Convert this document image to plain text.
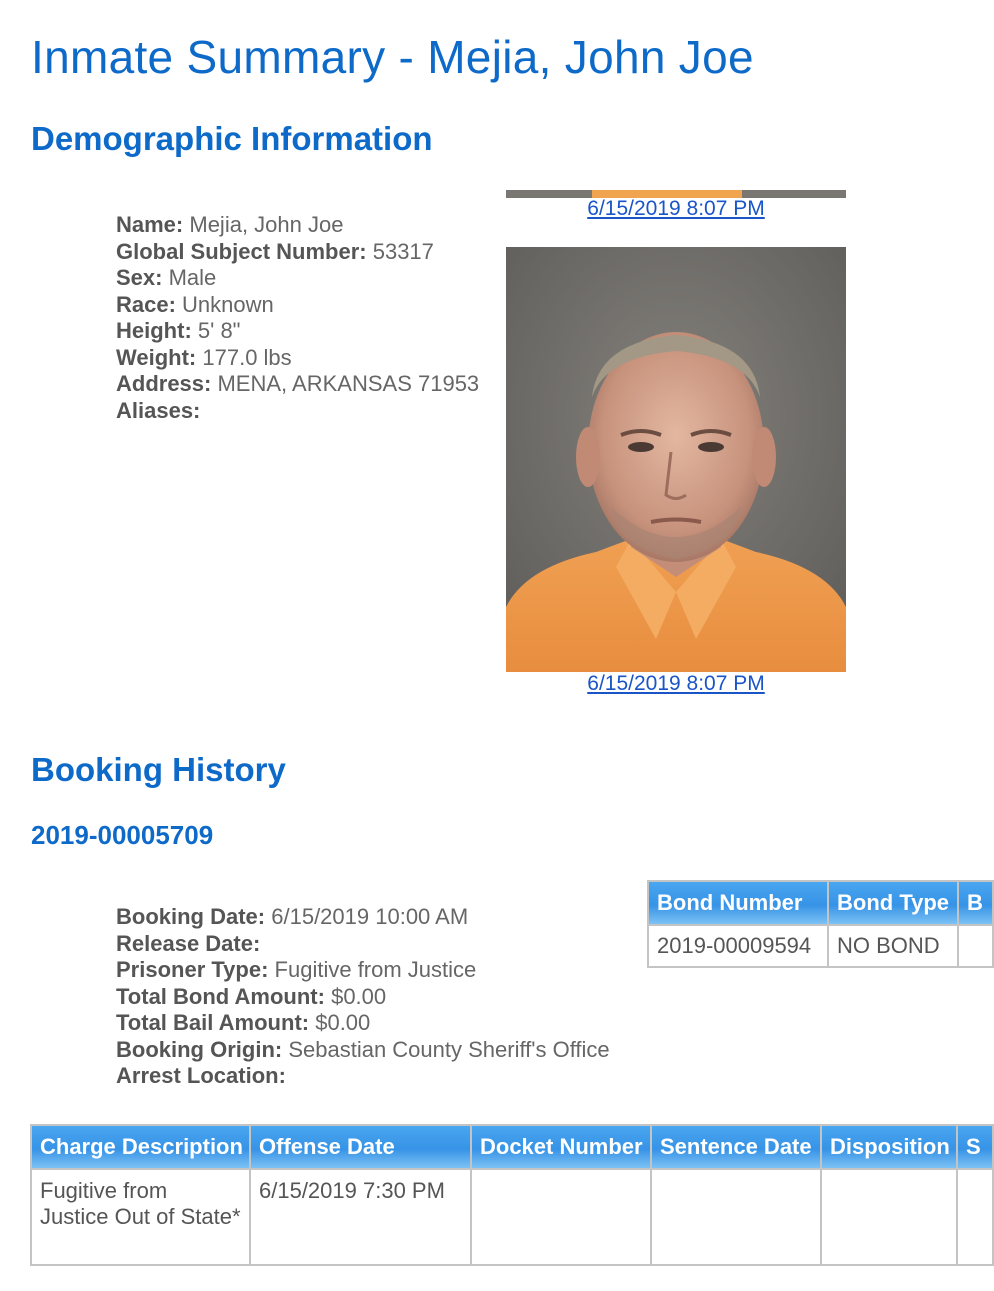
Inmate Summary - Mejia, John Joe
Demographic Information
Name: Mejia, John Joe
Global Subject Number: 53317
Sex: Male
Race: Unknown
Height: 5' 8"
Weight: 177.0 lbs
Address: MENA, ARKANSAS 71953
Aliases:
6/15/2019 8:07 PM
6/15/2019 8:07 PM
Booking History
2019-00005709
Booking Date: 6/15/2019 10:00 AM
Release Date:
Prisoner Type: Fugitive from Justice
Total Bond Amount: $0.00
Total Bail Amount: $0.00
Booking Origin: Sebastian County Sheriff's Office
Arrest Location:
Bond Number	Bond Type	B
2019-00009594	NO BOND	
Charge Description	Offense Date	Docket Number	Sentence Date	Disposition	S
Fugitive from Justice Out of State*	6/15/2019 7:30 PM				
